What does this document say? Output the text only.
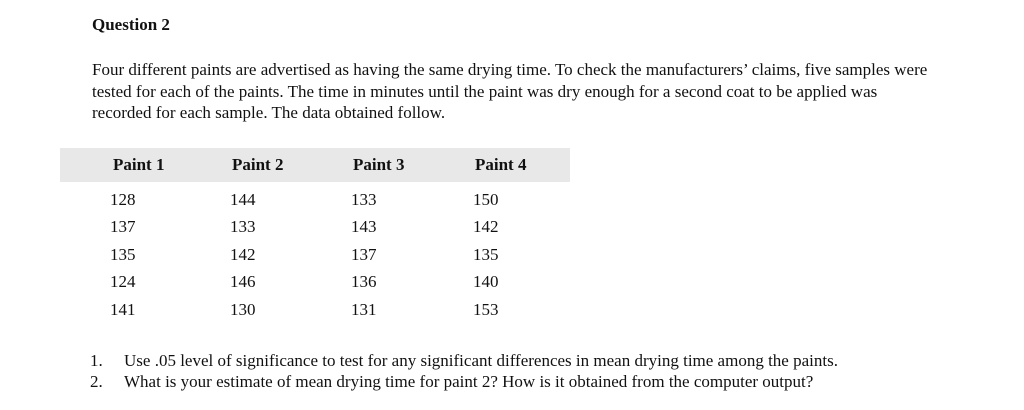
Question 2

Four different paints are advertised as having the same drying time. To check the manufacturers’ claims, five samples were tested for each of the paints. The time in minutes until the paint was dry enough for a second coat to be applied was recorded for each sample. The data obtained follow.

Paint 1	Paint 2	Paint 3	Paint 4
128	144	133	150
137	133	143	142
135	142	137	135
124	146	136	140
141	130	131	153
1.	Use .05 level of significance to test for any significant differences in mean drying time among the paints.
2.	What is your estimate of mean drying time for paint 2? How is it obtained from the computer output?
